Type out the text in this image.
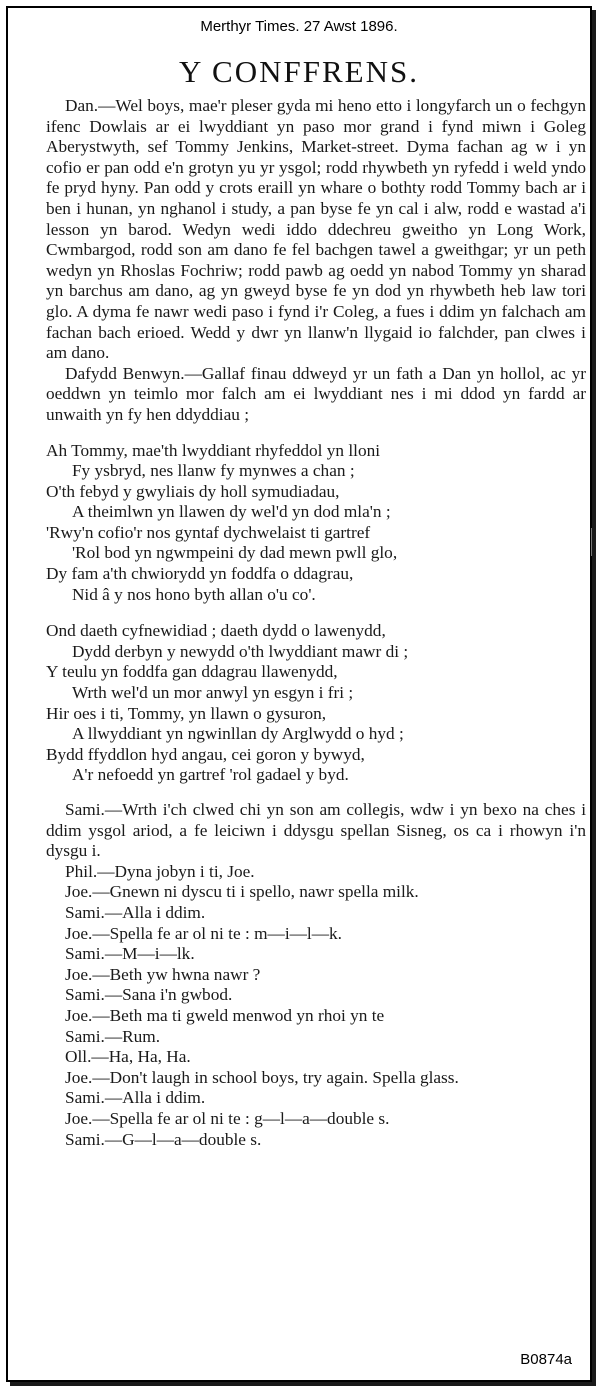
Merthyr Times. 27 Awst 1896.
Y CONFFRENS.

Dan.—Wel boys, mae'r pleser gyda mi heno etto i longyfarch un o fechgyn ifenc Dowlais ar ei lwyddiant yn paso mor grand i fynd miwn i Goleg Aberystwyth, sef Tommy Jenkins, Market-street. Dyma fachan ag w i yn cofio er pan odd e'n grotyn yu yr ysgol; rodd rhywbeth yn ryfedd i weld yndo fe pryd hyny. Pan odd y crots eraill yn whare o bothty rodd Tommy bach ar i ben i hunan, yn nghanol i study, a pan byse fe yn cal i alw, rodd e wastad a'i lesson yn barod. Wedyn wedi iddo ddechreu gweitho yn Long Work, Cwmbargod, rodd son am dano fe fel bachgen tawel a gweithgar; yr un peth wedyn yn Rhoslas Fochriw; rodd pawb ag oedd yn nabod Tommy yn sharad yn barchus am dano, ag yn gweyd byse fe yn dod yn rhywbeth heb law tori glo. A dyma fe nawr wedi paso i fynd i'r Coleg, a fues i ddim yn falchach am fachan bach erioed. Wedd y dwr yn llanw'n llygaid io falchder, pan clwes i am dano.

Dafydd Benwyn.—Gallaf finau ddweyd yr un fath a Dan yn hollol, ac yr oeddwn yn teimlo mor falch am ei lwyddiant nes i mi ddod yn fardd ar unwaith yn fy hen ddyddiau ;

Ah Tommy, mae'th lwyddiant rhyfeddol yn lloni
Fy ysbryd, nes llanw fy mynwes a chan ;
O'th febyd y gwyliais dy holl symudiadau,
A theimlwn yn llawen dy wel'd yn dod mla'n ;
'Rwy'n cofio'r nos gyntaf dychwelaist ti gartref
'Rol bod yn ngwmpeini dy dad mewn pwll glo,
Dy fam a'th chwiorydd yn foddfa o ddagrau,
Nid â y nos hono byth allan o'u co'.
Ond daeth cyfnewidiad ; daeth dydd o lawenydd,
Dydd derbyn y newydd o'th lwyddiant mawr di ;
Y teulu yn foddfa gan ddagrau llawenydd,
Wrth wel'd un mor anwyl yn esgyn i fri ;
Hir oes i ti, Tommy, yn llawn o gysuron,
A llwyddiant yn ngwinllan dy Arglwydd o hyd ;
Bydd ffyddlon hyd angau, cei goron y bywyd,
A'r nefoedd yn gartref 'rol gadael y byd.

Sami.—Wrth i'ch clwed chi yn son am collegis, wdw i yn bexo na ches i ddim ysgol ariod, a fe leiciwn i ddysgu spellan Sisneg, os ca i rhowyn i'n dysgu i.

Phil.—Dyna jobyn i ti, Joe.

Joe.—Gnewn ni dyscu ti i spello, nawr spella milk.

Sami.—Alla i ddim.

Joe.—Spella fe ar ol ni te : m—i—l—k.

Sami.—M—i—lk.

Joe.—Beth yw hwna nawr ?

Sami.—Sana i'n gwbod.

Joe.—Beth ma ti gweld menwod yn rhoi yn te

Sami.—Rum.

Oll.—Ha, Ha, Ha.

Joe.—Don't laugh in school boys, try again. Spella glass.

Sami.—Alla i ddim.

Joe.—Spella fe ar ol ni te : g—l—a—double s.

Sami.—G—l—a—double s.

B0874a
